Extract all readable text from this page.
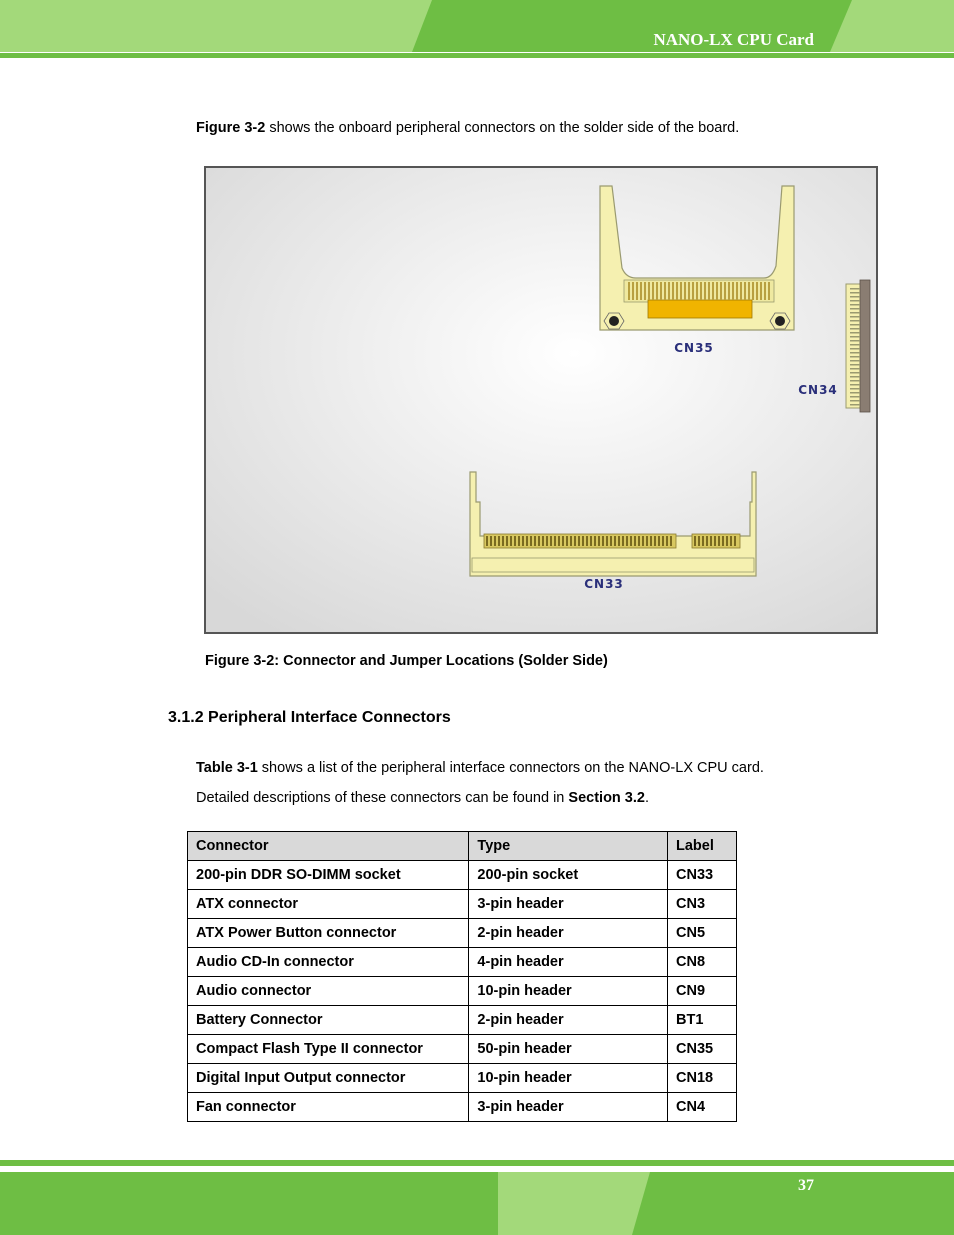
NANO-LX CPU Card
Figure 3-2 shows the onboard peripheral connectors on the solder side of the board.
CN35
CN34
CN33
Figure 3-2: Connector and Jumper Locations (Solder Side)
3.1.2 Peripheral Interface Connectors
Table 3-1 shows a list of the peripheral interface connectors on the NANO-LX CPU card.
Detailed descriptions of these connectors can be found in Section 3.2.
Connector	Type	Label
200-pin DDR SO-DIMM socket	200-pin socket	CN33
ATX connector	3-pin header	CN3
ATX Power Button connector	2-pin header	CN5
Audio CD-In connector	4-pin header	CN8
Audio connector	10-pin header	CN9
Battery Connector	2-pin header	BT1
Compact Flash Type II connector	50-pin header	CN35
Digital Input Output connector	10-pin header	CN18
Fan connector	3-pin header	CN4
37
